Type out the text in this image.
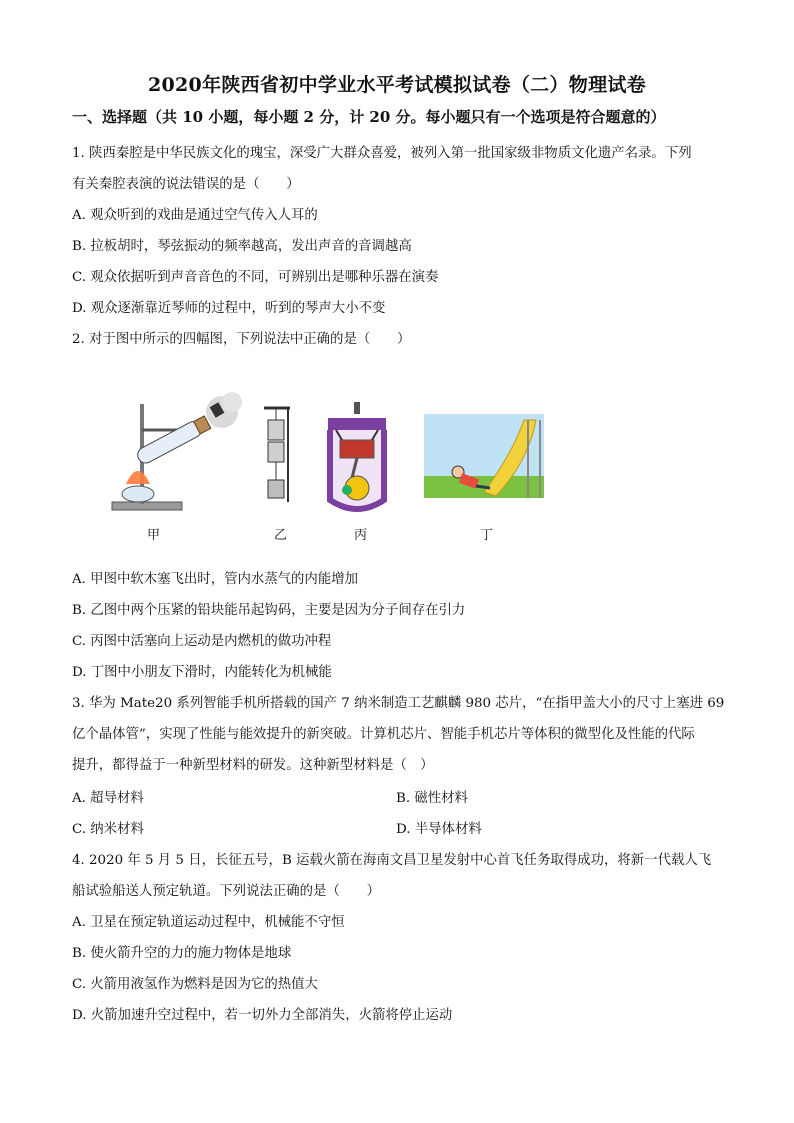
2020年陕西省初中学业水平考试模拟试卷（二）物理试卷
一、选择题（共 10 小题，每小题 2 分，计 20 分。每小题只有一个选项是符合题意的）
1. 陕西秦腔是中华民族文化的瑰宝，深受广大群众喜爱，被列入第一批国家级非物质文化遗产名录。下列
有关秦腔表演的说法错误的是（　　）
A. 观众听到的戏曲是通过空气传入人耳的
B. 拉板胡时，琴弦振动的频率越高，发出声音的音调越高
C. 观众依据听到声音音色的不同，可辨别出是哪种乐器在演奏
D. 观众逐渐靠近琴师的过程中，听到的琴声大小不变
2. 对于图中所示的四幅图，下列说法中正确的是（　　）
甲	乙	丙	丁
A. 甲图中软木塞飞出时，管内水蒸气的内能增加
B. 乙图中两个压紧的铅块能吊起钩码，主要是因为分子间存在引力
C. 丙图中活塞向上运动是内燃机的做功冲程
D. 丁图中小朋友下滑时，内能转化为机械能
3. 华为 Mate20 系列智能手机所搭载的国产 7 纳米制造工艺麒麟 980 芯片，“在指甲盖大小的尺寸上塞进 69
亿个晶体管”，实现了性能与能效提升的新突破。计算机芯片、智能手机芯片等体积的微型化及性能的代际
提升，都得益于一种新型材料的研发。这种新型材料是（　）
A. 超导材料	B. 磁性材料
C. 纳米材料	D. 半导体材料
4. 2020 年 5 月 5 日，长征五号，B 运载火箭在海南文昌卫星发射中心首飞任务取得成功，将新一代载人飞
船试验船送人预定轨道。下列说法正确的是（　　）
A. 卫星在预定轨道运动过程中，机械能不守恒
B. 使火箭升空的力的施力物体是地球
C. 火箭用液氢作为燃料是因为它的热值大
D. 火箭加速升空过程中，若一切外力全部消失，火箭将停止运动
